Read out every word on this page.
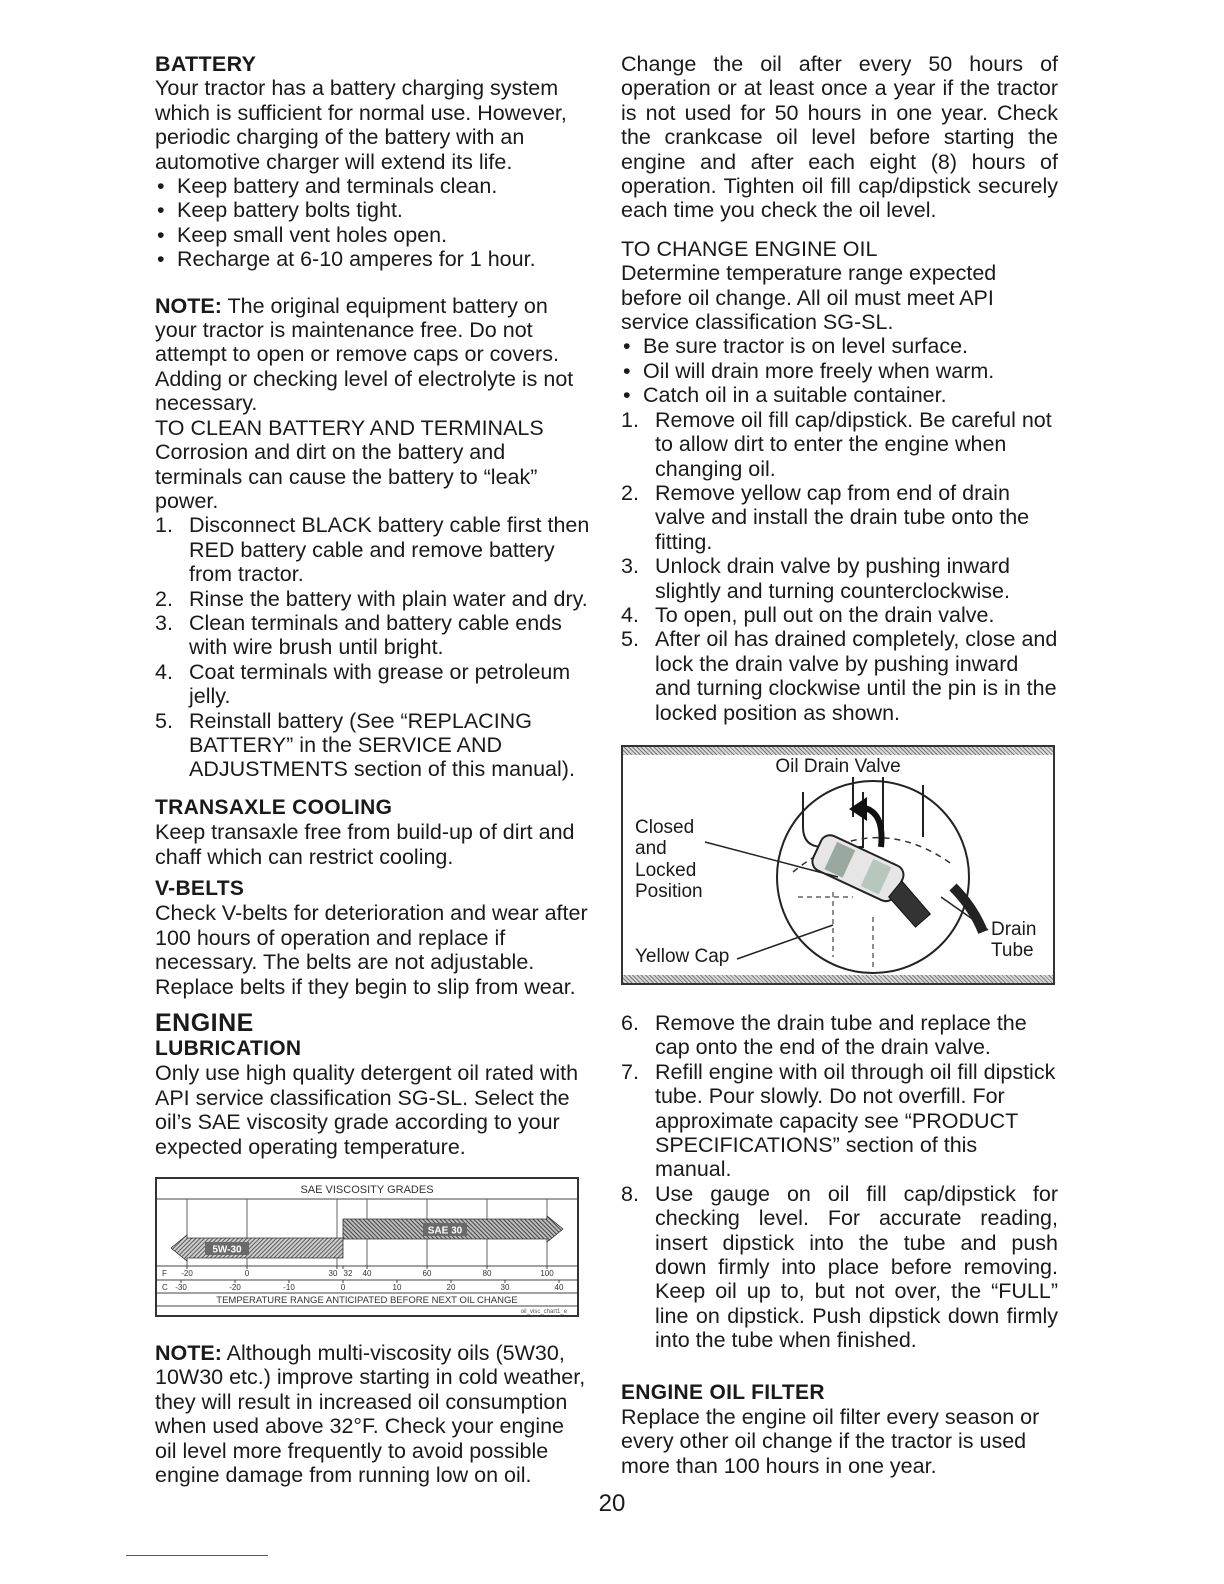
BATTERY

Your tractor has a battery charging system which is sufficient for normal use. However, periodic charging of the battery with an automotive charger will extend its life.

• Keep battery and terminals clean.
• Keep battery bolts tight.
• Keep small vent holes open.
• Recharge at 6-10 amperes for 1 hour.

NOTE: The original equipment battery on your tractor is maintenance free. Do not attempt to open or remove caps or covers. Adding or checking level of electrolyte is not necessary.

TO CLEAN BATTERY AND TERMINALS

Corrosion and dirt on the battery and terminals can cause the battery to “leak” power.

1. Disconnect BLACK battery cable first then RED battery cable and remove battery from tractor.
2. Rinse the battery with plain water and dry.
3. Clean terminals and battery cable ends with wire brush until bright.
4. Coat terminals with grease or petroleum jelly.
5. Reinstall battery (See “REPLACING BATTERY” in the SERVICE AND ADJUSTMENTS section of this manual).

TRANSAXLE COOLING

Keep transaxle free from build-up of dirt and chaff which can restrict cooling.

V-BELTS

Check V-belts for deterioration and wear after 100 hours of operation and replace if necessary. The belts are not adjustable. Replace belts if they begin to slip from wear.

ENGINE

LUBRICATION

Only use high quality detergent oil rated with API service classification SG-SL. Select the oil’s SAE viscosity grade according to your expected operating temperature.

SAE VISCOSITY GRADES
5W-30
SAE 30
F -20	0	30 32 40	60	80	100
C -30	-20	-10	0	10	20	30	40
TEMPERATURE RANGE ANTICIPATED BEFORE NEXT OIL CHANGE
oil_visc_chart1_e

NOTE: Although multi-viscosity oils (5W30, 10W30 etc.) improve starting in cold weather, they will result in increased oil consumption when used above 32°F. Check your engine oil level more frequently to avoid possible engine damage from running low on oil.

Change the oil after every 50 hours of operation or at least once a year if the tractor is not used for 50 hours in one year. Check the crankcase oil level before starting the engine and after each eight (8) hours of operation. Tighten oil fill cap/dipstick securely each time you check the oil level.

TO CHANGE ENGINE OIL

Determine temperature range expected before oil change. All oil must meet API service classification SG-SL.

• Be sure tractor is on level surface.
• Oil will drain more freely when warm.
• Catch oil in a suitable container.
1. Remove oil fill cap/dipstick. Be careful not to allow dirt to enter the engine when changing oil.
2. Remove yellow cap from end of drain valve and install the drain tube onto the fitting.
3. Unlock drain valve by pushing inward slightly and turning counterclockwise.
4. To open, pull out on the drain valve.
5. After oil has drained completely, close and lock the drain valve by pushing inward and turning clockwise until the pin is in the locked position as shown.
Oil Drain Valve
Closed
and
Locked
Position
Yellow Cap
Drain
Tube
6. Remove the drain tube and replace the cap onto the end of the drain valve.
7. Refill engine with oil through oil fill dipstick tube. Pour slowly. Do not overfill. For approximate capacity see “PRODUCT SPECIFICATIONS” section of this manual.
8. Use gauge on oil fill cap/dipstick for checking level. For accurate reading, insert dipstick into the tube and push down firmly into place before removing. Keep oil up to, but not over, the “FULL” line on dipstick. Push dipstick down firmly into the tube when finished.

ENGINE OIL FILTER

Replace the engine oil filter every season or every other oil change if the tractor is used more than 100 hours in one year.

20
